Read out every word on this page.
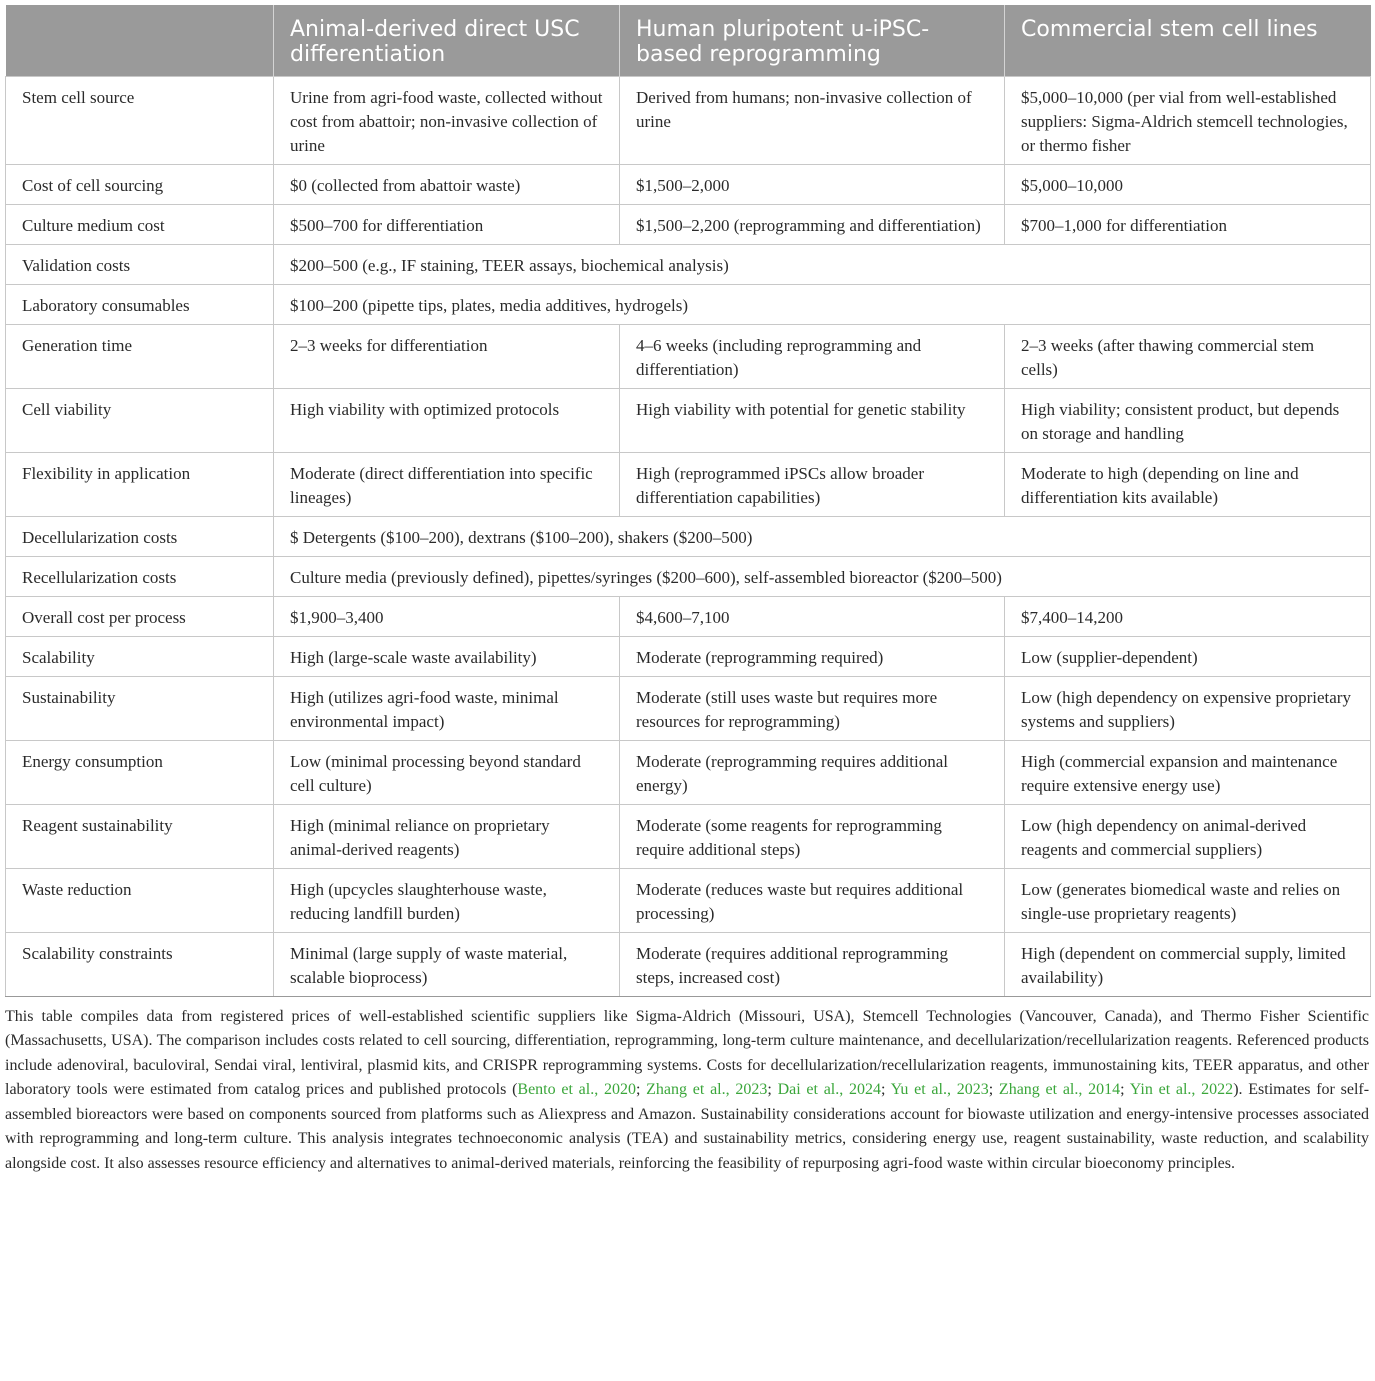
	Animal-derived direct USC differentiation	Human pluripotent u-iPSC-based reprogramming	Commercial stem cell lines
Stem cell source	Urine from agri-food waste, collected without cost from abattoir; non-invasive collection of urine	Derived from humans; non-invasive collection of urine	$5,000–10,000 (per vial from well-established suppliers: Sigma-Aldrich stemcell technologies, or thermo fisher
Cost of cell sourcing	$0 (collected from abattoir waste)	$1,500–2,000	$5,000–10,000
Culture medium cost	$500–700 for differentiation	$1,500–2,200 (reprogramming and differentiation)	$700–1,000 for differentiation
Validation costs	$200–500 (e.g., IF staining, TEER assays, biochemical analysis)		
Laboratory consumables	$100–200 (pipette tips, plates, media additives, hydrogels)		
Generation time	2–3 weeks for differentiation	4–6 weeks (including reprogramming and differentiation)	2–3 weeks (after thawing commercial stem cells)
Cell viability	High viability with optimized protocols	High viability with potential for genetic stability	High viability; consistent product, but depends on storage and handling
Flexibility in application	Moderate (direct differentiation into specific lineages)	High (reprogrammed iPSCs allow broader differentiation capabilities)	Moderate to high (depending on line and differentiation kits available)
Decellularization costs	$ Detergents ($100–200), dextrans ($100–200), shakers ($200–500)		
Recellularization costs	Culture media (previously defined), pipettes/syringes ($200–600), self-assembled bioreactor ($200–500)		
Overall cost per process	$1,900–3,400	$4,600–7,100	$7,400–14,200
Scalability	High (large-scale waste availability)	Moderate (reprogramming required)	Low (supplier-dependent)
Sustainability	High (utilizes agri-food waste, minimal environmental impact)	Moderate (still uses waste but requires more resources for reprogramming)	Low (high dependency on expensive proprietary systems and suppliers)
Energy consumption	Low (minimal processing beyond standard cell culture)	Moderate (reprogramming requires additional energy)	High (commercial expansion and maintenance require extensive energy use)
Reagent sustainability	High (minimal reliance on proprietary animal-derived reagents)	Moderate (some reagents for reprogramming require additional steps)	Low (high dependency on animal-derived reagents and commercial suppliers)
Waste reduction	High (upcycles slaughterhouse waste, reducing landfill burden)	Moderate (reduces waste but requires additional processing)	Low (generates biomedical waste and relies on single-use proprietary reagents)
Scalability constraints	Minimal (large supply of waste material, scalable bioprocess)	Moderate (requires additional reprogramming steps, increased cost)	High (dependent on commercial supply, limited availability)

This table compiles data from registered prices of well-established scientific suppliers like Sigma-Aldrich (Missouri, USA), Stemcell Technologies (Vancouver, Canada), and Thermo Fisher Scientific (Massachusetts, USA). The comparison includes costs related to cell sourcing, differentiation, reprogramming, long-term culture maintenance, and decellularization/recellularization reagents. Referenced products include adenoviral, baculoviral, Sendai viral, lentiviral, plasmid kits, and CRISPR reprogramming systems. Costs for decellularization/recellularization reagents, immunostaining kits, TEER apparatus, and other laboratory tools were estimated from catalog prices and published protocols (Bento et al., 2020; Zhang et al., 2023; Dai et al., 2024; Yu et al., 2023; Zhang et al., 2014; Yin et al., 2022). Estimates for self-assembled bioreactors were based on components sourced from platforms such as Aliexpress and Amazon. Sustainability considerations account for biowaste utilization and energy-intensive processes associated with reprogramming and long-term culture. This analysis integrates technoeconomic analysis (TEA) and sustainability metrics, considering energy use, reagent sustainability, waste reduction, and scalability alongside cost. It also assesses resource efficiency and alternatives to animal-derived materials, reinforcing the feasibility of repurposing agri-food waste within circular bioeconomy principles.
